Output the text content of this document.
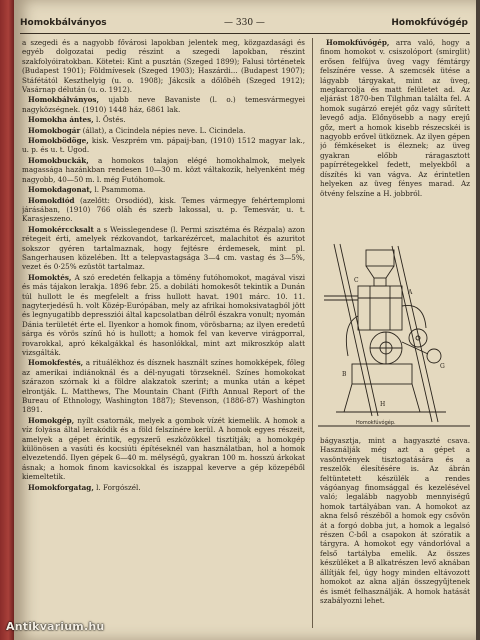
Homokbálványos	— 330 —	Homokfúvógép

a szegedi és a nagyobb fővárosi lapokban jelentek meg, közgazdasági és egyéb dolgozatai pedig részint a szegedi lapokban, részint szakfolyóiratokban. Kötetei: Kint a pusztán (Szeged 1899); Falusi történetek (Budapest 1901); Földmívesek (Szeged 1903); Haszárdi... (Budapest 1907); Stáfétától Keszthelyig (u. o. 1908); Jákcsik a dőlőbéh (Szeged 1912); Vasárnap délután (u. o. 1912).

Homokbálványos, ujabb neve Bavaniste (l. o.) temesvármegyei nagyközségnek. (1910) 1448 ház, 6861 lak.

Homokha ántes, l. Östés.

Homokbogár (állat), a Cicindela népies neve. L. Cicindela.

Homokbödöge, kisk. Veszprém vm. pápaij-ban, (1910) 1512 magyar lak., u. p. és u. t. Ugod.

Homokbuckák, a homokos talajon elégé homokhalmok, melyek magassága hazánkban rendesen 10—30 m. közt váltakozik, helyenként még nagyobb, 40—50 m. l. még Futóhomok.

Homokdagonat, l. Psammoma.

Homokdiód (azelőtt: Orsodiód), kisk. Temes vármegye fehértemplomi járásában, (1910) 766 oláh és szerb lakossal, u. p. Temesvár, u. t. Karasjeszeno.

Homokérccksalt a s Weisslegendese (l. Permi szisztéma és Rézpala) azon rétegeit érti, amelyek rézkovandot, tarkarézércet, malachitot és azuritot sokszor gyéren tartalmaznak, hogy fejtésre érdemesek, mint pl. Sangerhausen közelében. Itt a telepvastagsága 3—4 cm. vastag és 3—5%, vezet és 0·25% ezüstöt tartalmaz.

Homoktés, A szó eredetén felkapja a tömény futóhomokot, magával viszi és más tájakon lerakja. 1896 febr. 25. a dobiláti homokesőt tekintik a Dunán túl hullott le és megfelelt a friss hullott havat. 1901 márc. 10. 11. nagyterjedésű h. volt Közép-Európában, mely az afrikai homoksivatagból jött és legnyugatibb depressziói által kapcsolatban délről északra vonult; nyomán Dánia területét érte el. Ilyenkor a homok finom, vörösbarna; az ilyen eredetű sárga és vörös színű hó is hullott; a homok fel van keverve virágporral, rovarokkal, apró kékalgákkal és hasonlókkal, mint azt mikroszkóp alatt vizsgálták.

Homokfestés, a rituálékhoz és dísznek használt színes homokképek, főleg az amerikai indiánoknál és a dél-nyugati törzseknél. Színes homokokat szárazon szórnak ki a földre alakzatok szerint; a munka után a képet elrontják. L. Matthews, The Mountain Chant (Fifth Annual Report of the Bureau of Ethnology, Washington 1887); Stevenson, (1886-87) Washington 1891.

Homokgép, nyílt csatornák, melyek a gombok vízét kiemelik. A homok a víz folyása által lerakódik és a föld felszínére kerül. A homok egyes részeit, amelyek a gépet érintik, egyszerű eszközökkel tisztítják; a homokgép különösen a vasúti és kocsiúti építéseknél van használatban, hol a homok elvezetendő. Ilyen gépek 6—40 m. mélységű, gyakran 100 m. hosszú árkokat ásnak; a homok finom kavicsokkal és iszappal keverve a gép közepéből kiemeltetik.

Homokforgatag, l. Forgószél.

Homokfúvógép, arra való, hogy a finom homokot v. csiszolóport (smirglit) erősen felfújva üveg vagy fémtárgy felszínére vesse. A szemcsék ütése a lágyabb tárgyakat, mint az üveg, megkarcolja és matt felületet ad. Az eljárást 1870-ben Tilghman találta fel. A homok sugárzó erejét gőz vagy sűrített levegő adja. Előnyösebb a nagy erejű gőz, mert a homok kisebb részecskéi is nagyobb erővel ütköznek. Az ilyen gépen jó fémkéseket is éleznek; az üveg gyakran előbb ráragasztott papírrétegekkel fedett, melyekből a díszítés ki van vágva. Az érintetlen helyeken az üveg fényes marad. Az ötvény felszíne a H. jobbról.

C
A
B
G
H
Homokfúvógép.

bágyasztja, mint a hagyaszté csava. Használják még azt a gépet a vasöntvények tisztogatására és a reszelők élesítésére is. Az ábrán feltüntetett készülék a rendes vágóanyag finomsággal és kezelésével való; legalább nagyobb mennyiségű homok tartályában van. A homokot az akna felső részéből a homok egy csővön át a forgó dobba jut, a homok a legalsó részen C-ből a csapokon át szóratik a tárgyra. A homokot egy vándorlóval a felső tartályba emelik. Az összes készüléket a B alkatrészen levő aknában állítják fel, úgy hogy minden eltávozott homokot az akna alján összegyűjtenek és ismét felhasználják. A homok hatását szabályozni lehet.

Antikvarium.hu
